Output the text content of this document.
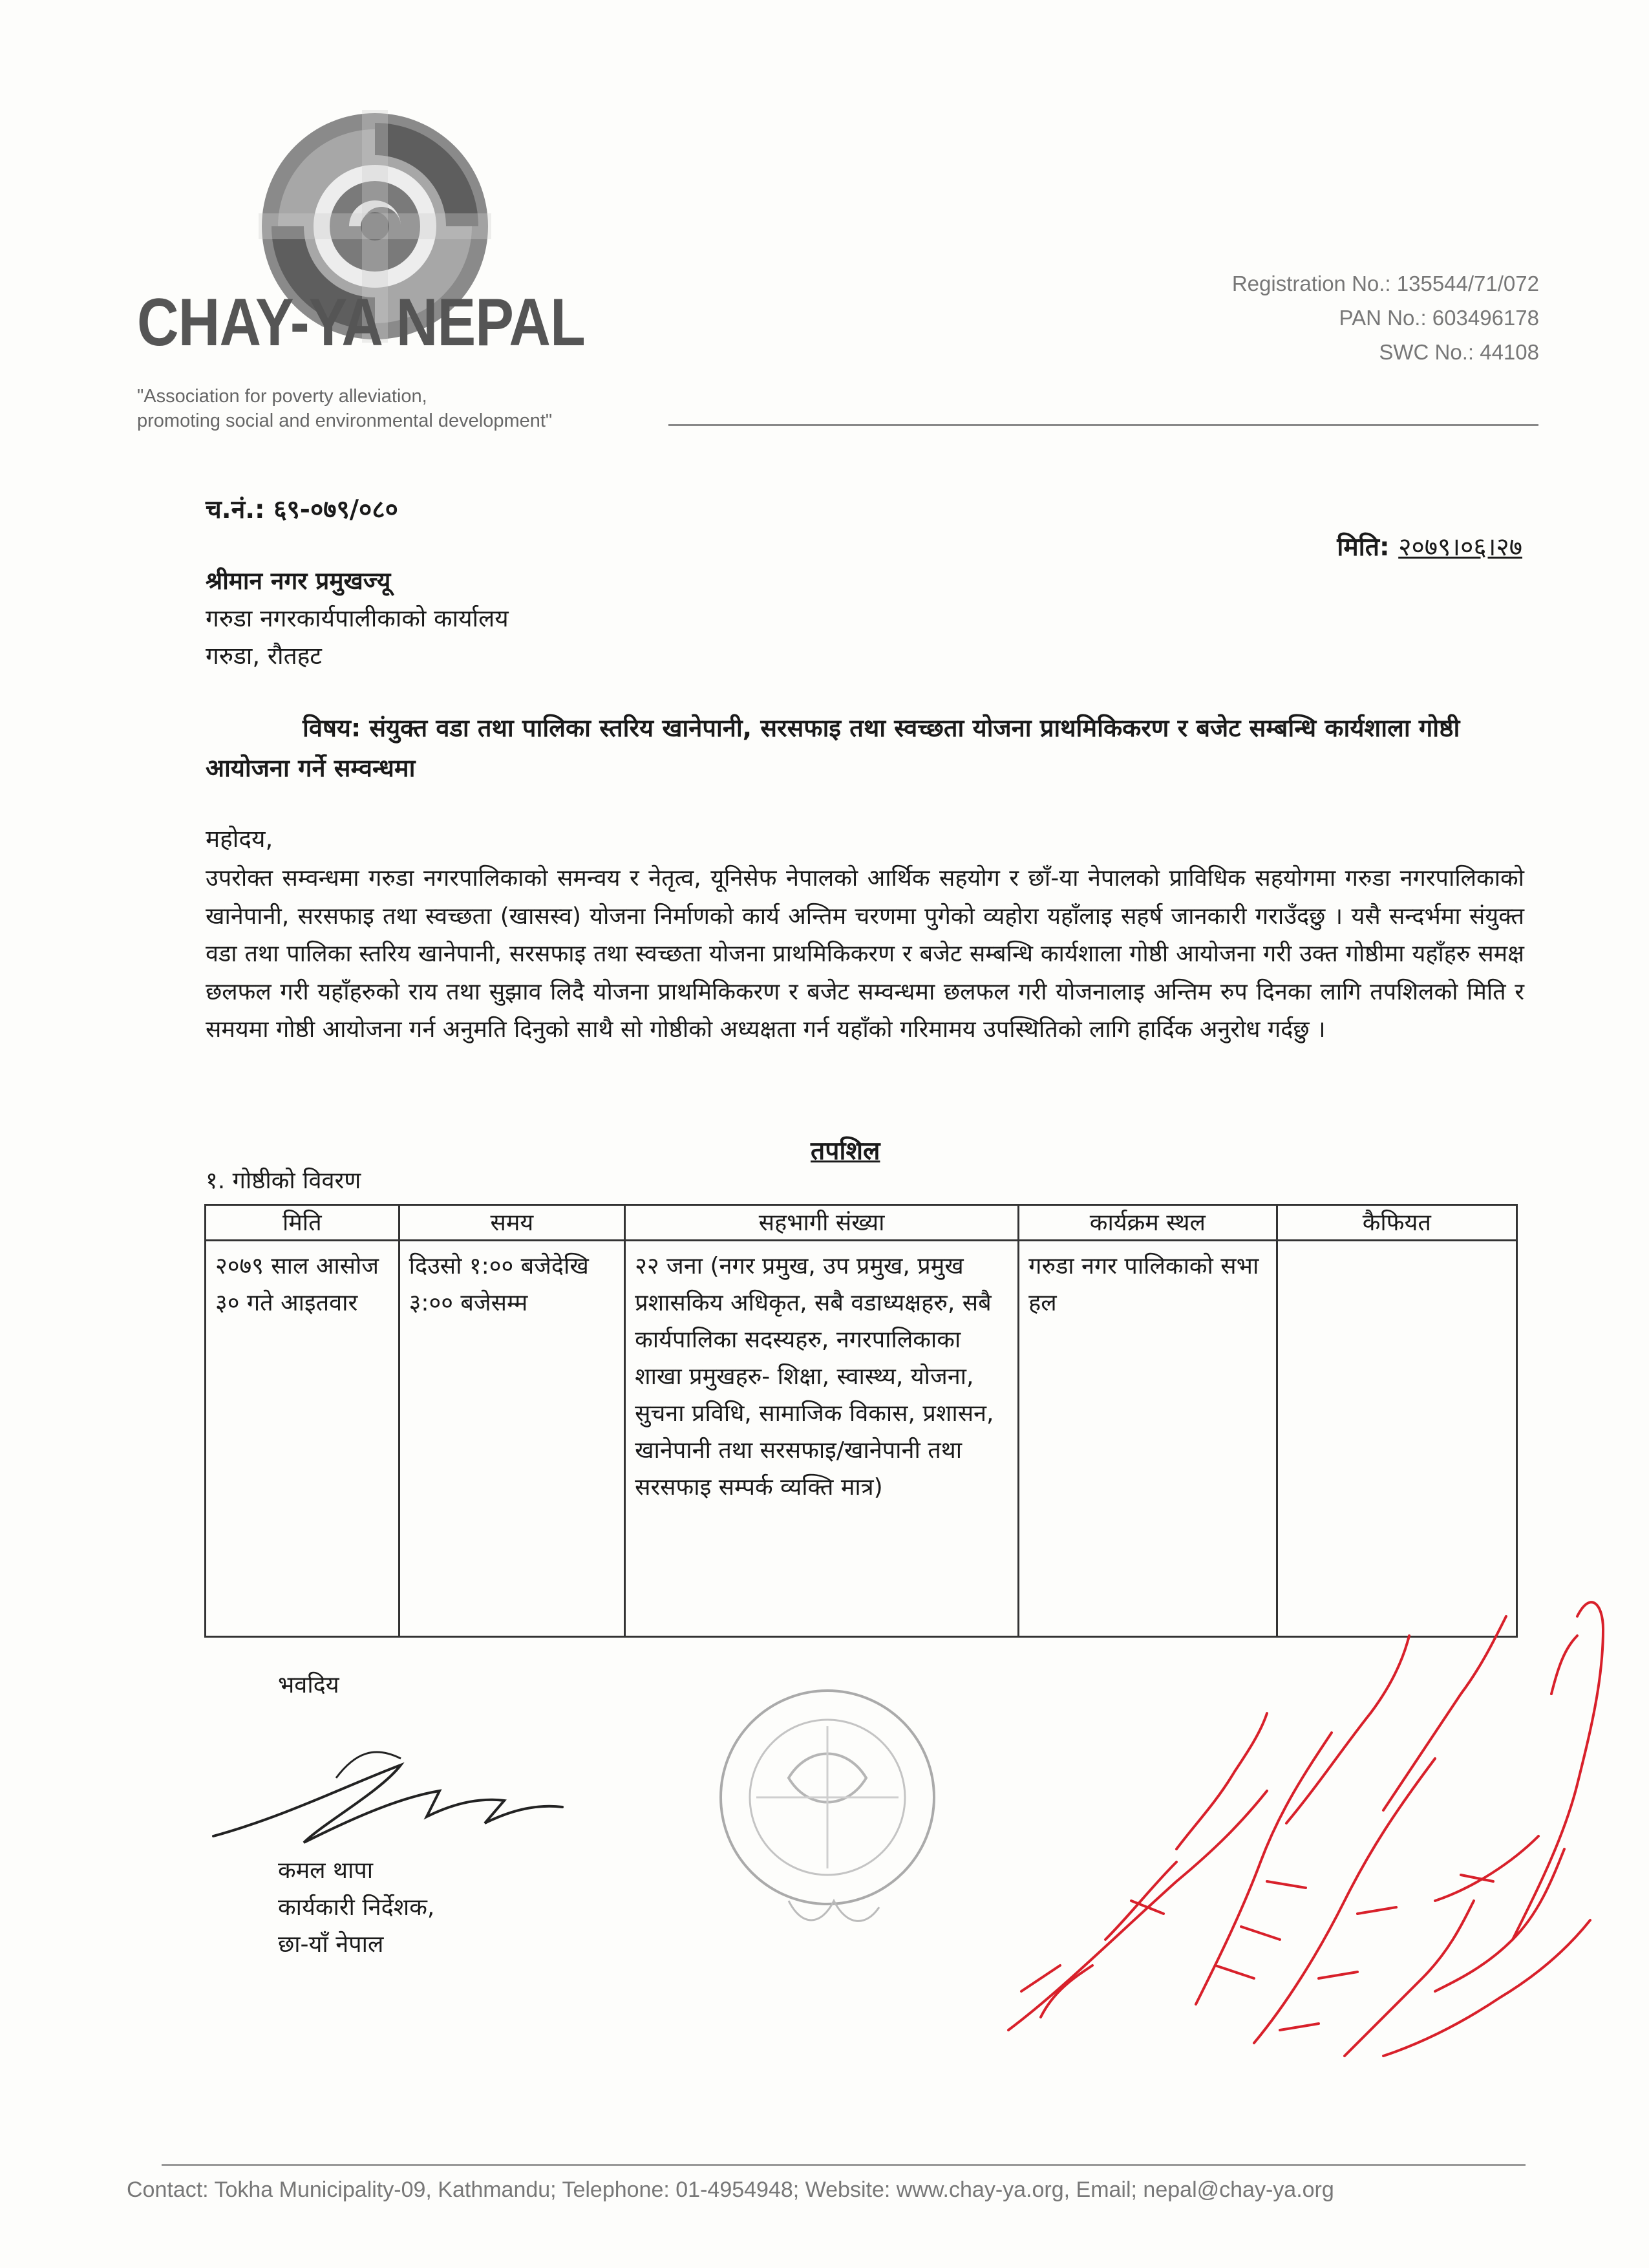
CHAY-YA NEPAL
"Association for poverty alleviation,
promoting social and environmental development"
Registration No.: 135544/71/072
PAN No.: 603496178
SWC No.: 44108
च.नं.: ६९-०७९/०८०
मिति: २०७९।०६।२७
श्रीमान नगर प्रमुखज्यू
गरुडा नगरकार्यपालीकाको कार्यालय
गरुडा, रौतहट
विषय: संयुक्त वडा तथा पालिका स्तरिय खानेपानी, सरसफाइ तथा स्वच्छता योजना प्राथमिकिकरण र बजेट सम्बन्धि कार्यशाला गोष्ठी आयोजना गर्ने सम्वन्धमा
महोदय,
उपरोक्त सम्वन्धमा गरुडा नगरपालिकाको समन्वय र नेतृत्व, यूनिसेफ नेपालको आर्थिक सहयोग र छाँ-या नेपालको प्राविधिक सहयोगमा गरुडा नगरपालिकाको खानेपानी, सरसफाइ तथा स्वच्छता (खासस्व) योजना निर्माणको कार्य अन्तिम चरणमा पुगेको व्यहोरा यहाँलाइ सहर्ष जानकारी गराउँदछु । यसै सन्दर्भमा संयुक्त वडा तथा पालिका स्तरिय खानेपानी, सरसफाइ तथा स्वच्छता योजना प्राथमिकिकरण र बजेट सम्बन्धि कार्यशाला गोष्ठी आयोजना गरी उक्त गोष्ठीमा यहाँहरु समक्ष छलफल गरी यहाँहरुको राय तथा सुझाव लिदै योजना प्राथमिकिकरण र बजेट सम्वन्धमा छलफल गरी योजनालाइ अन्तिम रुप दिनका लागि तपशिलको मिति र समयमा गोष्ठी आयोजना गर्न अनुमति दिनुको साथै सो गोष्ठीको अध्यक्षता गर्न यहाँको गरिमामय उपस्थितिको लागि हार्दिक अनुरोध गर्दछु ।
तपशिल
१. गोष्ठीको विवरण
मिति	समय	सहभागी संख्या	कार्यक्रम स्थल	कैफियत
२०७९ साल आसोज ३० गते आइतवार	दिउसो १:०० बजेदेखि ३:०० बजेसम्म	२२ जना (नगर प्रमुख, उप प्रमुख, प्रमुख प्रशासकिय अधिकृत, सबै वडाध्यक्षहरु, सबै कार्यपालिका सदस्यहरु, नगरपालिकाका शाखा प्रमुखहरु- शिक्षा, स्वास्थ्य, योजना, सुचना प्रविधि, सामाजिक विकास, प्रशासन, खानेपानी तथा सरसफाइ/खानेपानी तथा सरसफाइ सम्पर्क व्यक्ति मात्र)	गरुडा नगर पालिकाको सभा हल	
भवदिय
कमल थापा
कार्यकारी निर्देशक,
छा-याँ नेपाल
Contact: Tokha Municipality-09, Kathmandu; Telephone: 01-4954948; Website: www.chay-ya.org, Email; nepal@chay-ya.org
